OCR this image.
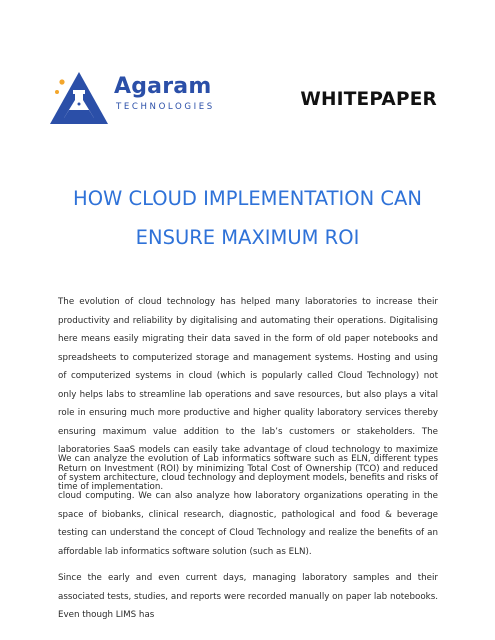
Agaram
TECHNOLOGIES	WHITEPAPER
HOW CLOUD IMPLEMENTATION CAN
ENSURE MAXIMUM ROI

The evolution of cloud technology has helped many laboratories to increase their productivity and reliability by digitalising and automating their operations. Digitalising here means easily migrating their data saved in the form of old paper notebooks and spreadsheets to computerized storage and management systems. Hosting and using of computerized systems in cloud (which is popularly called Cloud Technology) not only helps labs to streamline lab operations and save resources, but also plays a vital role in ensuring much more productive and higher quality laboratory services thereby ensuring maximum value addition to the lab’s customers or stakeholders. The laboratories SaaS models can easily take advantage of cloud technology to maximize Return on Investment (ROI) by minimizing Total Cost of Ownership (TCO) and reduced time of implementation.

We can analyze the evolution of Lab informatics software such as ELN, different types of system architecture, cloud technology and deployment models, benefits and risks of cloud computing. We can also analyze how laboratory organizations operating in the space of biobanks, clinical research, diagnostic, pathological and food & beverage testing can understand the concept of Cloud Technology and realize the benefits of an affordable lab informatics software solution (such as ELN).

Since the early and even current days, managing laboratory samples and their associated tests, studies, and reports were recorded manually on paper lab notebooks. Even though LIMS has
